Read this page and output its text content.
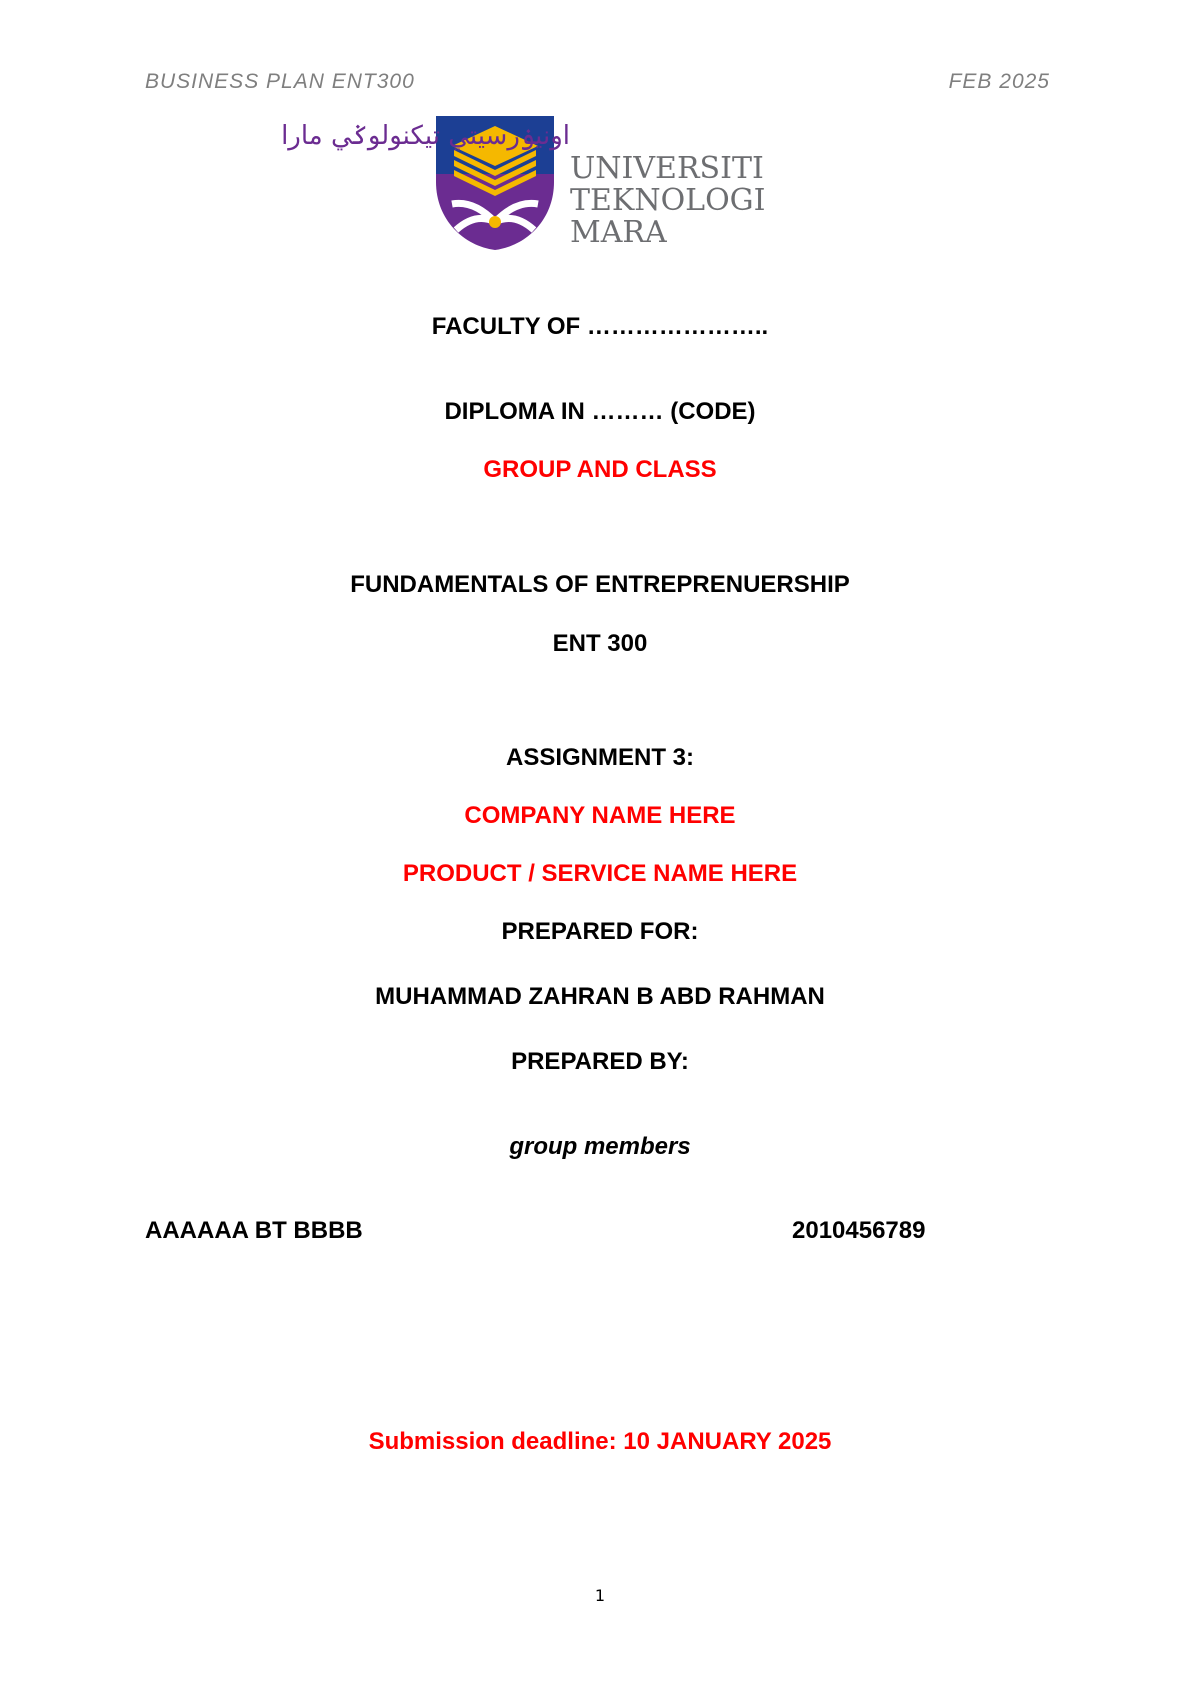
BUSINESS PLAN ENT300	FEB 2025
اونيۏرسيتي تيکنولوݢي مارا
UNIVERSITI
TEKNOLOGI
MARA
FACULTY OF …………………..
DIPLOMA IN ……… (CODE)
GROUP AND CLASS
FUNDAMENTALS OF ENTREPRENUERSHIP
ENT 300
ASSIGNMENT 3:
COMPANY NAME HERE
PRODUCT / SERVICE NAME HERE
PREPARED FOR:
MUHAMMAD ZAHRAN B ABD RAHMAN
PREPARED BY:
group members
AAAAAA BT BBBB	2010456789
Submission deadline: 10 JANUARY 2025
1
